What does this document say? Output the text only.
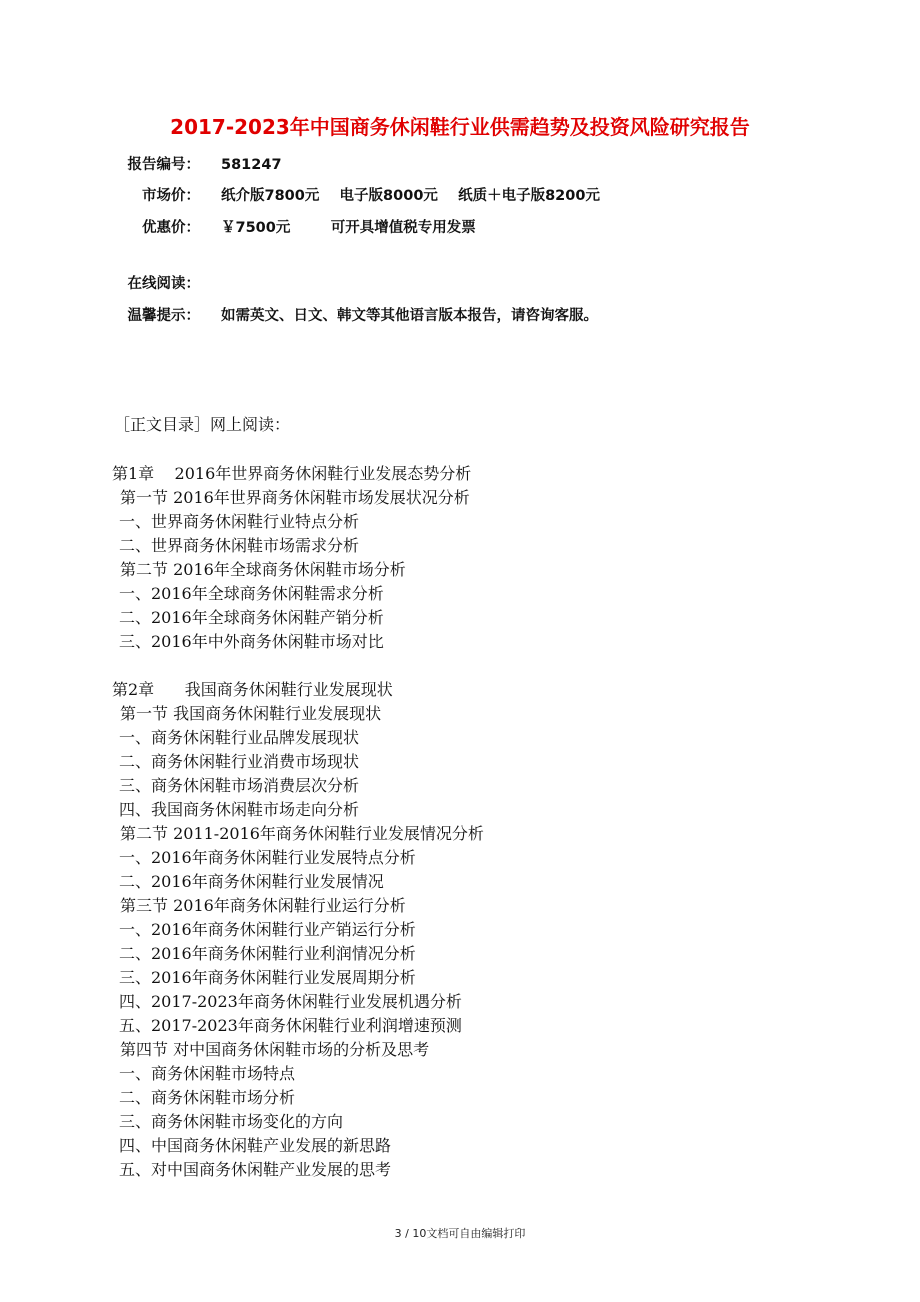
2017-2023年中国商务休闲鞋行业供需趋势及投资风险研究报告
报告编号： 581247
市场价： 纸介版7800元    电子版8000元    纸质＋电子版8200元
优惠价： ￥7500元        可开具增值税专用发票
在线阅读：
温馨提示： 如需英文、日文、韩文等其他语言版本报告，请咨询客服。
［正文目录］网上阅读：
第1章    2016年世界商务休闲鞋行业发展态势分析
第一节 2016年世界商务休闲鞋市场发展状况分析
一、世界商务休闲鞋行业特点分析
二、世界商务休闲鞋市场需求分析
第二节 2016年全球商务休闲鞋市场分析
一、2016年全球商务休闲鞋需求分析
二、2016年全球商务休闲鞋产销分析
三、2016年中外商务休闲鞋市场对比
第2章      我国商务休闲鞋行业发展现状
第一节 我国商务休闲鞋行业发展现状
一、商务休闲鞋行业品牌发展现状
二、商务休闲鞋行业消费市场现状
三、商务休闲鞋市场消费层次分析
四、我国商务休闲鞋市场走向分析
第二节 2011-2016年商务休闲鞋行业发展情况分析
一、2016年商务休闲鞋行业发展特点分析
二、2016年商务休闲鞋行业发展情况
第三节 2016年商务休闲鞋行业运行分析
一、2016年商务休闲鞋行业产销运行分析
二、2016年商务休闲鞋行业利润情况分析
三、2016年商务休闲鞋行业发展周期分析
四、2017-2023年商务休闲鞋行业发展机遇分析
五、2017-2023年商务休闲鞋行业利润增速预测
第四节 对中国商务休闲鞋市场的分析及思考
一、商务休闲鞋市场特点
二、商务休闲鞋市场分析
三、商务休闲鞋市场变化的方向
四、中国商务休闲鞋产业发展的新思路
五、对中国商务休闲鞋产业发展的思考
3 / 10文档可自由编辑打印
